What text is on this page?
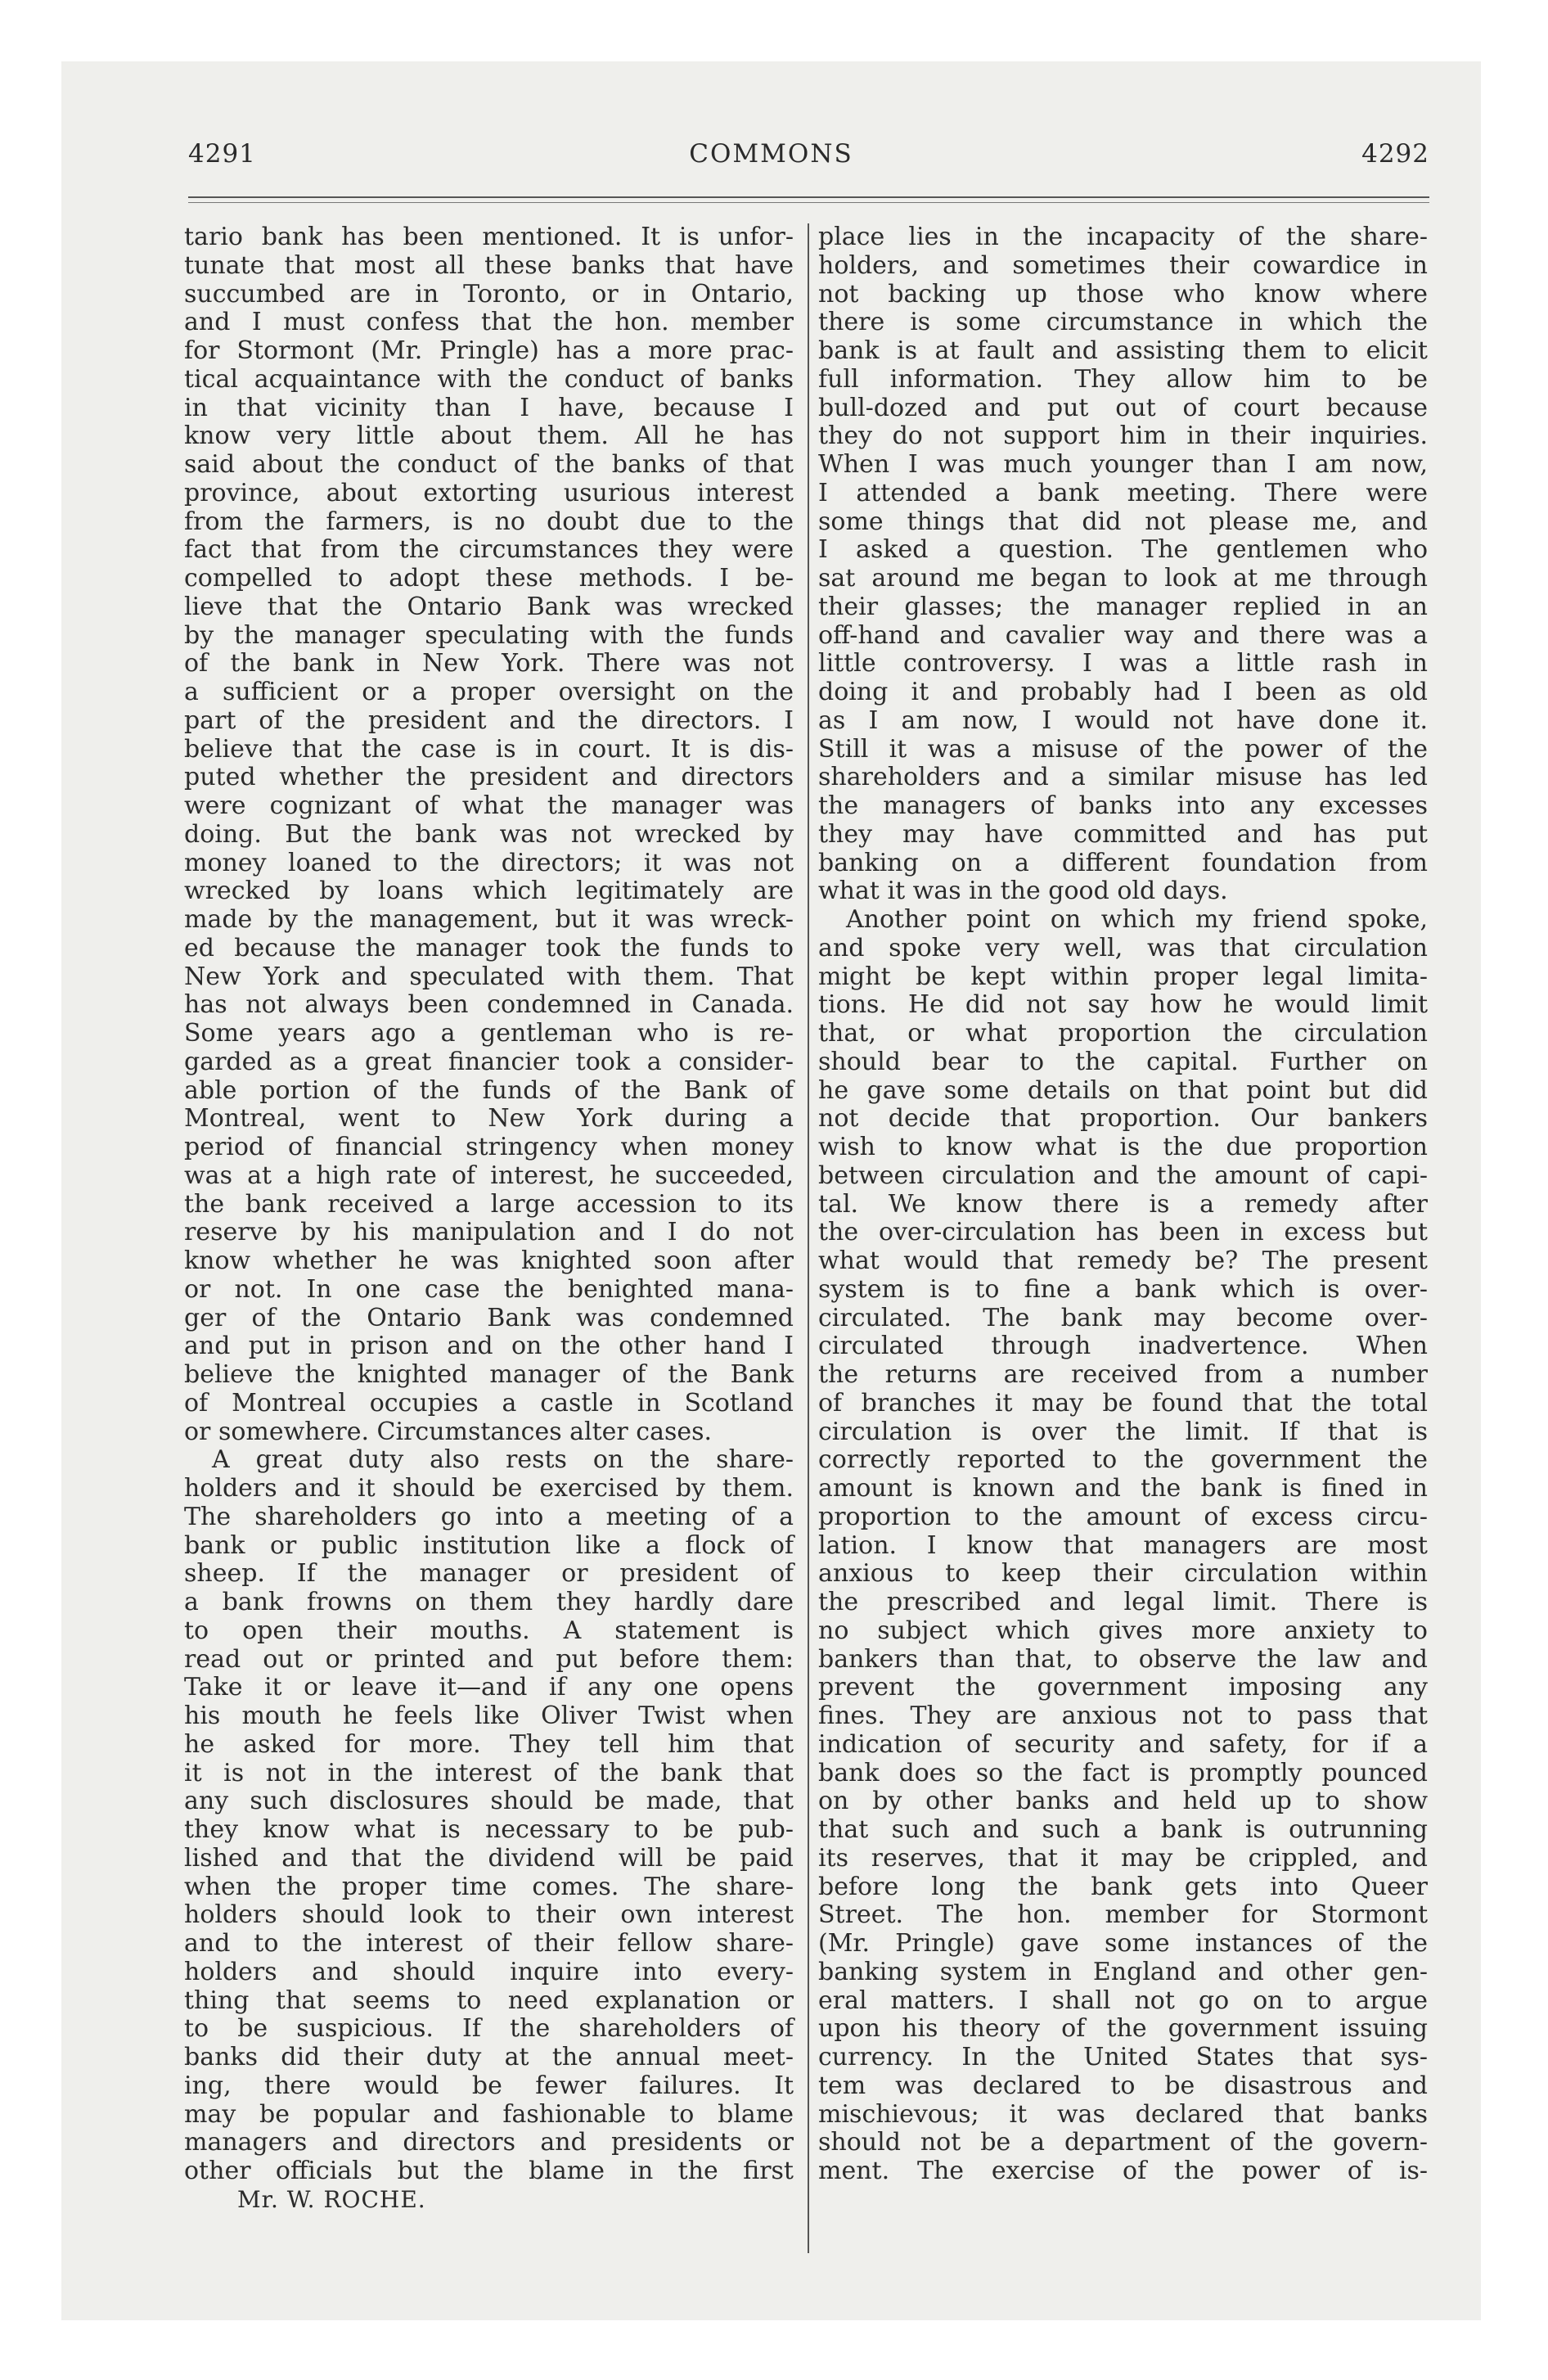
4291	COMMONS	4292
tario bank has been mentioned. It is unfor-
tunate that most all these banks that have
succumbed are in Toronto, or in Ontario,
and I must confess that the hon. member
for Stormont (Mr. Pringle) has a more prac-
tical acquaintance with the conduct of banks
in that vicinity than I have, because I
know very little about them. All he has
said about the conduct of the banks of that
province, about extorting usurious interest
from the farmers, is no doubt due to the
fact that from the circumstances they were
compelled to adopt these methods. I be-
lieve that the Ontario Bank was wrecked
by the manager speculating with the funds
of the bank in New York. There was not
a sufficient or a proper oversight on the
part of the president and the directors. I
believe that the case is in court. It is dis-
puted whether the president and directors
were cognizant of what the manager was
doing. But the bank was not wrecked by
money loaned to the directors; it was not
wrecked by loans which legitimately are
made by the management, but it was wreck-
ed because the manager took the funds to
New York and speculated with them. That
has not always been condemned in Canada.
Some years ago a gentleman who is re-
garded as a great financier took a consider-
able portion of the funds of the Bank of
Montreal, went to New York during a
period of financial stringency when money
was at a high rate of interest, he succeeded,
the bank received a large accession to its
reserve by his manipulation and I do not
know whether he was knighted soon after
or not. In one case the benighted mana-
ger of the Ontario Bank was condemned
and put in prison and on the other hand I
believe the knighted manager of the Bank
of Montreal occupies a castle in Scotland
or somewhere. Circumstances alter cases.
A great duty also rests on the share-
holders and it should be exercised by them.
The shareholders go into a meeting of a
bank or public institution like a flock of
sheep. If the manager or president of
a bank frowns on them they hardly dare
to open their mouths. A statement is
read out or printed and put before them:
Take it or leave it—and if any one opens
his mouth he feels like Oliver Twist when
he asked for more. They tell him that
it is not in the interest of the bank that
any such disclosures should be made, that
they know what is necessary to be pub-
lished and that the dividend will be paid
when the proper time comes. The share-
holders should look to their own interest
and to the interest of their fellow share-
holders and should inquire into every-
thing that seems to need explanation or
to be suspicious. If the shareholders of
banks did their duty at the annual meet-
ing, there would be fewer failures. It
may be popular and fashionable to blame
managers and directors and presidents or
other officials but the blame in the first
Mr. W. ROCHE.
place lies in the incapacity of the share-
holders, and sometimes their cowardice in
not backing up those who know where
there is some circumstance in which the
bank is at fault and assisting them to elicit
full information. They allow him to be
bull-dozed and put out of court because
they do not support him in their inquiries.
When I was much younger than I am now,
I attended a bank meeting. There were
some things that did not please me, and
I asked a question. The gentlemen who
sat around me began to look at me through
their glasses; the manager replied in an
off-hand and cavalier way and there was a
little controversy. I was a little rash in
doing it and probably had I been as old
as I am now, I would not have done it.
Still it was a misuse of the power of the
shareholders and a similar misuse has led
the managers of banks into any excesses
they may have committed and has put
banking on a different foundation from
what it was in the good old days.
Another point on which my friend spoke,
and spoke very well, was that circulation
might be kept within proper legal limita-
tions. He did not say how he would limit
that, or what proportion the circulation
should bear to the capital. Further on
he gave some details on that point but did
not decide that proportion. Our bankers
wish to know what is the due proportion
between circulation and the amount of capi-
tal. We know there is a remedy after
the over-circulation has been in excess but
what would that remedy be? The present
system is to fine a bank which is over-
circulated. The bank may become over-
circulated through inadvertence. When
the returns are received from a number
of branches it may be found that the total
circulation is over the limit. If that is
correctly reported to the government the
amount is known and the bank is fined in
proportion to the amount of excess circu-
lation. I know that managers are most
anxious to keep their circulation within
the prescribed and legal limit. There is
no subject which gives more anxiety to
bankers than that, to observe the law and
prevent the government imposing any
fines. They are anxious not to pass that
indication of security and safety, for if a
bank does so the fact is promptly pounced
on by other banks and held up to show
that such and such a bank is outrunning
its reserves, that it may be crippled, and
before long the bank gets into Queer
Street. The hon. member for Stormont
(Mr. Pringle) gave some instances of the
banking system in England and other gen-
eral matters. I shall not go on to argue
upon his theory of the government issuing
currency. In the United States that sys-
tem was declared to be disastrous and
mischievous; it was declared that banks
should not be a department of the govern-
ment. The exercise of the power of is-
